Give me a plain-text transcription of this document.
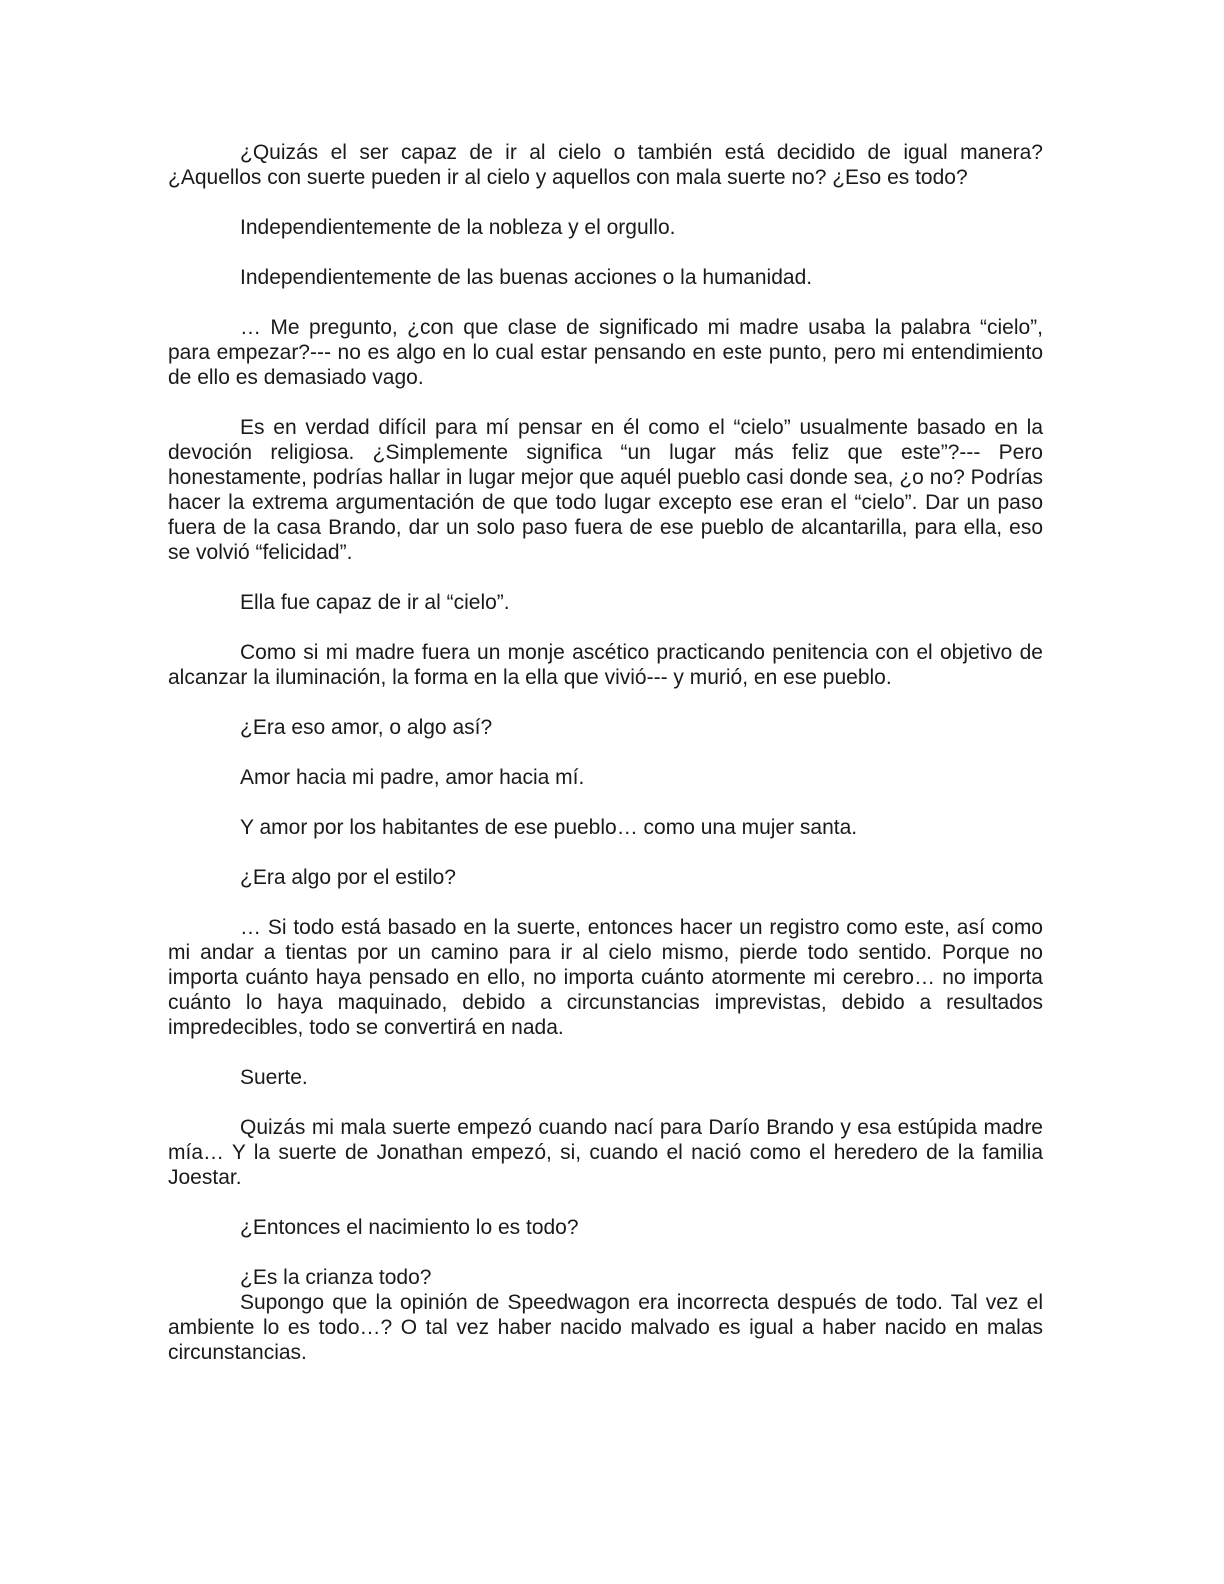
¿Quizás el ser capaz de ir al cielo o también está decidido de igual manera? ¿Aquellos con suerte pueden ir al cielo y aquellos con mala suerte no? ¿Eso es todo?

Independientemente de la nobleza y el orgullo.

Independientemente de las buenas acciones o la humanidad.

… Me pregunto, ¿con que clase de significado mi madre usaba la palabra “cielo”, para empezar?--- no es algo en lo cual estar pensando en este punto, pero mi entendimiento de ello es demasiado vago.

Es en verdad difícil para mí pensar en él como el “cielo” usualmente basado en la devoción religiosa. ¿Simplemente significa “un lugar más feliz que este”?--- Pero honestamente, podrías hallar in lugar mejor que aquél pueblo casi donde sea, ¿o no? Podrías hacer la extrema argumentación de que todo lugar excepto ese eran el “cielo”. Dar un paso fuera de la casa Brando, dar un solo paso fuera de ese pueblo de alcantarilla, para ella, eso se volvió “felicidad”.

Ella fue capaz de ir al “cielo”.

Como si mi madre fuera un monje ascético practicando penitencia con el objetivo de alcanzar la iluminación, la forma en la ella que vivió--- y murió, en ese pueblo.

¿Era eso amor, o algo así?

Amor hacia mi padre, amor hacia mí.

Y amor por los habitantes de ese pueblo… como una mujer santa.

¿Era algo por el estilo?

… Si todo está basado en la suerte, entonces hacer un registro como este, así como mi andar a tientas por un camino para ir al cielo mismo, pierde todo sentido. Porque no importa cuánto haya pensado en ello, no importa cuánto atormente mi cerebro… no importa cuánto lo haya maquinado, debido a circunstancias imprevistas, debido a resultados impredecibles, todo se convertirá en nada.

Suerte.

Quizás mi mala suerte empezó cuando nací para Darío Brando y esa estúpida madre mía… Y la suerte de Jonathan empezó, si, cuando el nació como el heredero de la familia Joestar.

¿Entonces el nacimiento lo es todo?

¿Es la crianza todo?

Supongo que la opinión de Speedwagon era incorrecta después de todo. Tal vez el ambiente lo es todo…? O tal vez haber nacido malvado es igual a haber nacido en malas circunstancias.
